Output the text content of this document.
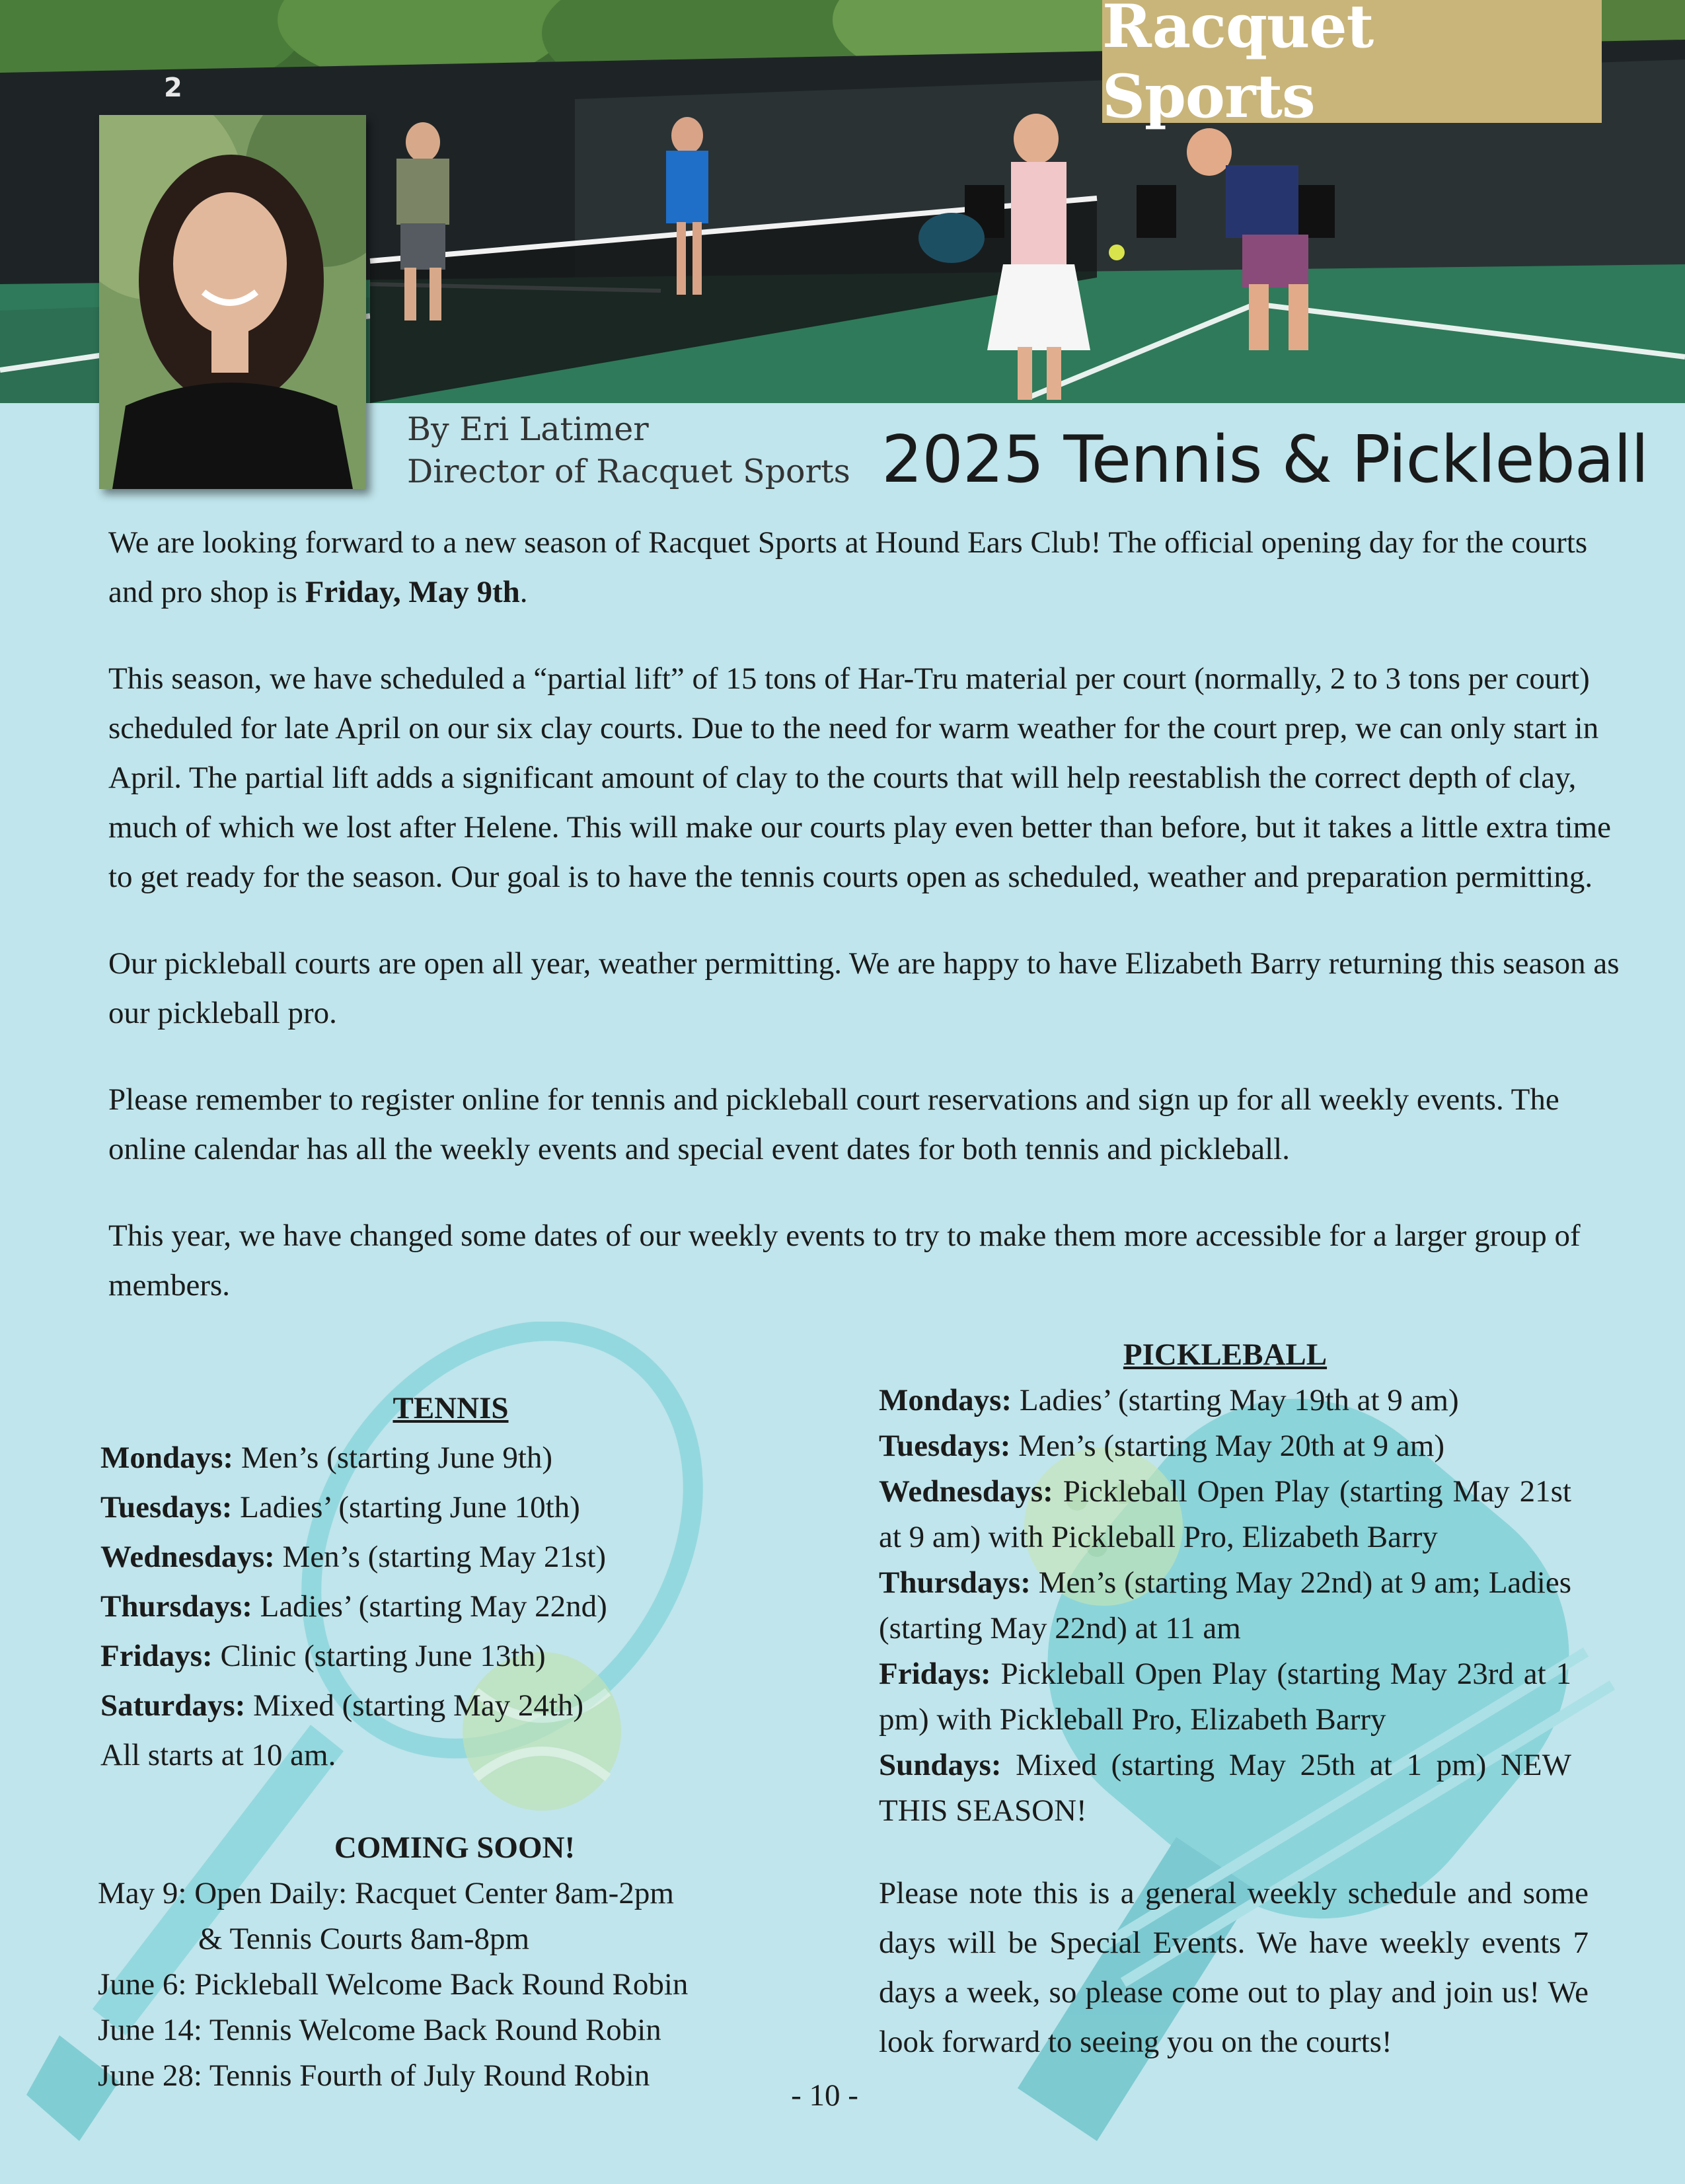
2
Racquet Sports
By Eri Latimer
Director of Racquet Sports 2025 Tennis & Pickleball

We are looking forward to a new season of Racquet Sports at Hound Ears Club! The official opening day for the courts and pro shop is Friday, May 9th.

This season, we have scheduled a “partial lift” of 15 tons of Har-Tru material per court (normally, 2 to 3 tons per court) scheduled for late April on our six clay courts. Due to the need for warm weather for the court prep, we can only start in April. The partial lift adds a significant amount of clay to the courts that will help reestablish the correct depth of clay, much of which we lost after Helene. This will make our courts play even better than before, but it takes a little extra time to get ready for the season. Our goal is to have the tennis courts open as scheduled, weather and preparation permitting.

Our pickleball courts are open all year, weather permitting. We are happy to have Elizabeth Barry returning this season as our pickleball pro.

Please remember to register online for tennis and pickleball court reservations and sign up for all weekly events. The online calendar has all the weekly events and special event dates for both tennis and pickleball.

This year, we have changed some dates of our weekly events to try to make them more accessible for a larger group of members.

TENNIS

Mondays: Men’s (starting June 9th)
Tuesdays: Ladies’ (starting June 10th)
Wednesdays: Men’s (starting May 21st)
Thursdays: Ladies’ (starting May 22nd)
Fridays: Clinic (starting June 13th)
Saturdays: Mixed (starting May 24th)
All starts at 10 am.
COMING SOON!
May 9: Open Daily: Racquet Center 8am-2pm
& Tennis Courts 8am-8pm
June 6: Pickleball Welcome Back Round Robin
June 14: Tennis Welcome Back Round Robin
June 28: Tennis Fourth of July Round Robin

PICKLEBALL

Mondays: Ladies’ (starting May 19th at 9 am)
Tuesdays: Men’s (starting May 20th at 9 am)
Wednesdays: Pickleball Open Play (starting May 21st at 9 am) with Pickleball Pro, Elizabeth Barry
Thursdays: Men’s (starting May 22nd) at 9 am; Ladies (starting May 22nd) at 11 am
Fridays: Pickleball Open Play (starting May 23rd at 1 pm) with Pickleball Pro, Elizabeth Barry
Sundays: Mixed (starting May 25th at 1 pm) NEW THIS SEASON!
Please note this is a general weekly schedule and some days will be Special Events. We have weekly events 7 days a week, so please come out to play and join us! We look forward to seeing you on the courts!
- 10 -
